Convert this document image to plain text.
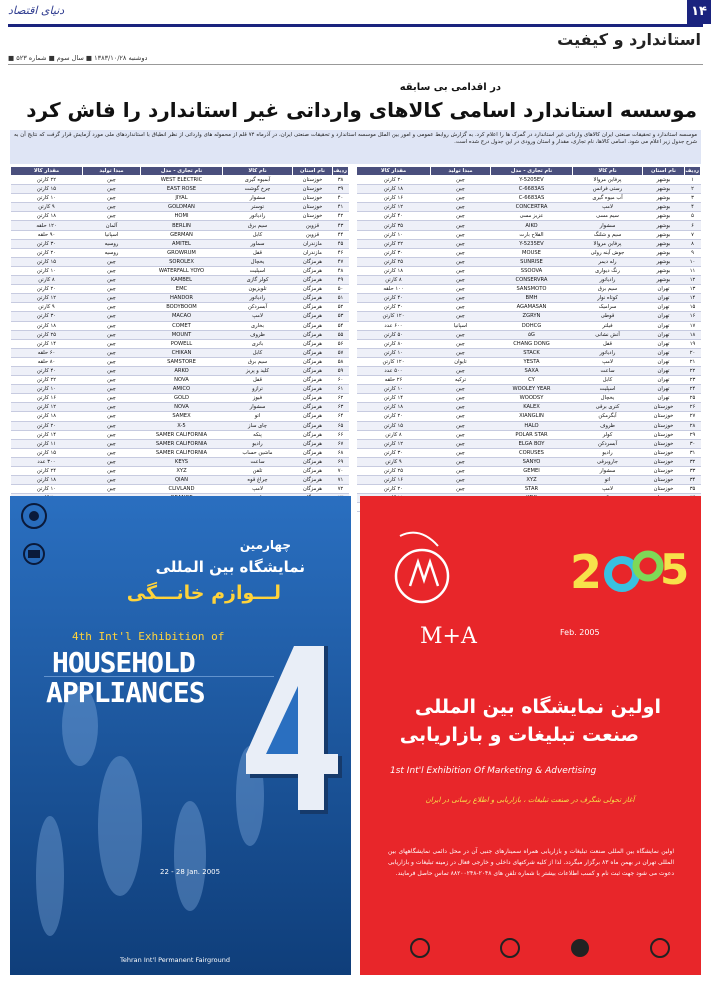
۱۴
دنیای اقتصاد
استاندارد و کیفیت
■ دوشنبه ۱۳۸۳/۱۰/۲۸ ■ سال سوم ■ شماره ۵۲۳
در اقدامی بی سابقه
موسسه استاندارد اسامی کالاهای وارداتی غیر استاندارد را فاش کرد
موسسه استاندارد و تحقیقات صنعتی ایران کالاهای وارداتی غیر استاندارد در گمرک ها را اعلام کرد. به گزارش روابط عمومی و امور بین الملل موسسه استاندارد و تحقیقات صنعتی ایران، در آذرماه ۷۴ قلم از محموله های وارداتی از نظر انطباق با استانداردهای ملی مورد آزمایش قرار گرفت که نتایج آن به شرح جدول زیر اعلام می شود. اسامی کالاها، نام تجاری، مقدار و استان ورودی در این جدول درج شده است.
ردیف	نام استان	نام کالا	نام تجاری - مدل	مبدا تولید	مقدار کالا
۱	بوشهر	پرفاین مروالا	Y-5205EV	چین	۲۰ کارتن
۲	بوشهر	رستی فرانس	C-6683AS	چین	۱۸ کارتن
۳	بوشهر	آب میوه گیری	C-6683AS	چین	۱۶ کارتن
۴	بوشهر	لامپ	CONCERTRA	چین	۱۲ کارتن
۵	بوشهر	سیم مسی	عزیز مسی	چین	۴۰ کارتن
۶	بوشهر	سشوار	AIKO	چین	۳۵ کارتن
۷	بوشهر	سیم و شلنگ	الفلاح بارت	چین	۱۰ کارتن
۸	بوشهر	پرفاین مروالا	Y-5235EV	چین	۲۲ کارتن
۹	بوشهر	جوش آینه رولی	MOUSE	چین	۳۰ کارتن
۱۰	بوشهر	رله دیمر	SUNRISE	چین	۲۵ کارتن
۱۱	بوشهر	رنگ دیواری	SSOOVA	چین	۱۸ کارتن
۱۲	بوشهر	رادیاتور	CONSERVRA	چین	۸ کارتن
۱۳	تهران	سیم برق	SANSMOTO	چین	۱۰۰ حلقه
۱۴	تهران	کوتاه نوار	BMH	چین	۴۰ کارتن
۱۵	تهران	سرامیک	AGAMASAN	چین	۳۰ کارتن
۱۶	تهران	قوطی	ZGRYN	چین	۱۲۰ کارتن
۱۷	تهران	فیلتر	DOHCG	اسپانیا	۶۰۰ عدد
۱۸	تهران	آتش نشانی	۵G	چین	۵۰ کارتن
۱۹	تهران	قفل	CHANG DONG	چین	۸۰ کارتن
۲۰	تهران	رادیاتور	STACK	چین	۱۰ کارتن
۲۱	تهران	لامپ	YESTA	تایوان	۱۲۰ کارتن
۲۲	تهران	ساعت	SAXA	چین	۵۰۰ عدد
۲۳	تهران	کابل	CY	ترکیه	۲۶ حلقه
۲۴	تهران	اسپلیت	WOOLEY YEAR	چین	۱۰ کارتن
۲۵	تهران	یخچال	WOODSY	چین	۱۴ کارتن
۲۶	خوزستان	کتری برقی	KALEX	چین	۱۸ کارتن
۲۷	خوزستان	آبگرمکن	XIANGLIN	چین	۲۰ کارتن
۲۸	خوزستان	ظروف	HALO	چین	۱۵ کارتن
۲۹	خوزستان	کولر	POLAR STAR	چین	۸ کارتن
۳۰	خوزستان	آبسردکن	ELGA BOY	چین	۱۲ کارتن
۳۱	خوزستان	رادیو	CORUSES	چین	۳۰ کارتن
۳۲	خوزستان	جاروبرقی	SANYO	چین	۹ کارتن
۳۳	خوزستان	سشوار	GEMEI	چین	۲۵ کارتن
۳۴	خوزستان	اتو	XYZ	چین	۱۶ کارتن
۳۵	خوزستان	لامپ	STAR	چین	۲۰ کارتن

ردیف	نام استان	نام کالا	نام تجاری - مدل	مبدا تولید	مقدار کالا
۳۸	خوزستان	آبمیوه گیری	WEST ELECTRIC	چین	۲۲ کارتن
۳۹	خوزستان	چرخ گوشت	EAST ROSE	چین	۱۵ کارتن
۴۰	خوزستان	سشوار	JIYAL	چین	۱۰ کارتن
۴۱	خوزستان	توستر	GOLDMAN	چین	۹ کارتن
۴۲	خوزستان	رادیاتور	HOMI	چین	۱۸ کارتن
۴۳	قزوین	سیم برق	BERLIN	آلمان	۱۲۰ حلقه
۴۴	قزوین	کابل	GERMAN	اسپانیا	۹۰ حلقه
۴۵	مازندران	سماور	AMITEL	روسیه	۳۰ کارتن
۴۶	مازندران	قفل	GROWRUM	روسیه	۲۰ کارتن
۴۷	هرمزگان	یخچال	SOROLEX	چین	۱۵ کارتن
۴۸	هرمزگان	اسپلیت	WATERFALL YOYO	چین	۱۰ کارتن
۴۹	هرمزگان	کولر گازی	KAMBEL	چین	۸ کارتن
۵۰	هرمزگان	تلویزیون	EMC	چین	۲۰ کارتن
۵۱	هرمزگان	رادیاتور	HANDOR	چین	۱۲ کارتن
۵۲	هرمزگان	آبسردکن	BODYBOOM	چین	۹ کارتن
۵۳	هرمزگان	لامپ	MACAO	چین	۳۰ کارتن
۵۴	هرمزگان	بخاری	COMET	چین	۱۸ کارتن
۵۵	هرمزگان	ظروف	MOUNT	چین	۲۵ کارتن
۵۶	هرمزگان	باتری	POWELL	چین	۱۴ کارتن
۵۷	هرمزگان	کابل	CHIKAN	چین	۶۰ حلقه
۵۸	هرمزگان	سیم برق	SAMSTORE	چین	۸۰ حلقه
۵۹	هرمزگان	کلید و پریز	ARKO	چین	۴۰ کارتن
۶۰	هرمزگان	قفل	NOVA	چین	۲۲ کارتن
۶۱	هرمزگان	ترازو	AMICO	چین	۱۰ کارتن
۶۲	هرمزگان	فیوز	GOLD	چین	۱۶ کارتن
۶۳	هرمزگان	سشوار	NOVA	چین	۱۲ کارتن
۶۴	هرمزگان	اتو	SAMEX	چین	۱۸ کارتن
۶۵	هرمزگان	چای ساز	X-5	چین	۲۰ کارتن
۶۶	هرمزگان	پنکه	SAMER CALIFORNIA	چین	۱۴ کارتن
۶۷	هرمزگان	رادیو	SAMER CALIFORNIA	چین	۱۱ کارتن
۶۸	هرمزگان	ماشین حساب	SAMER CALIFORNIA	چین	۱۵ کارتن
۶۹	هرمزگان	ساعت	KEYS	چین	۳۰۰ عدد
۷۰	هرمزگان	تلفن	XYZ	چین	۲۴ کارتن
۷۱	هرمزگان	چراغ قوه	QIAN	چین	۱۸ کارتن
۷۲	هرمزگان	لامپ	CLIVLAND	چین	۱۰ کارتن

چهارمین
نمایشگاه بین المللی
لـــوازم خانـــگی
4th Int'l Exhibition of
HOUSEHOLD
APPLIANCES
22 - 28 Jan. 2005
Tehran Int'l Permanent Fairground
2 5
M+A	Feb. 2005
اولین نمایشگاه بین المللی
صنعت تبلیغات و بازاریابی
1st Int'l Exhibition Of Marketing & Advertising
آغاز تحولی شگرف در صنعت تبلیغات ، بازاریابی و اطلاع رسانی در ایران
اولین نمایشگاه بین المللی صنعت تبلیغات و بازاریابی همراه سمینارهای جنبی آن در محل دائمی نمایشگاههای بین المللی تهران در بهمن ماه ۸۳ برگزار میگردد. لذا از کلیه شرکتهای داخلی و خارجی فعال در زمینه تبلیغات و بازاریابی دعوت می شود جهت ثبت نام و کسب اطلاعات بیشتر با شماره تلفن های ۲۰۴۸-۸۸۲۰۰۲۴۸ تماس حاصل فرمایند.
